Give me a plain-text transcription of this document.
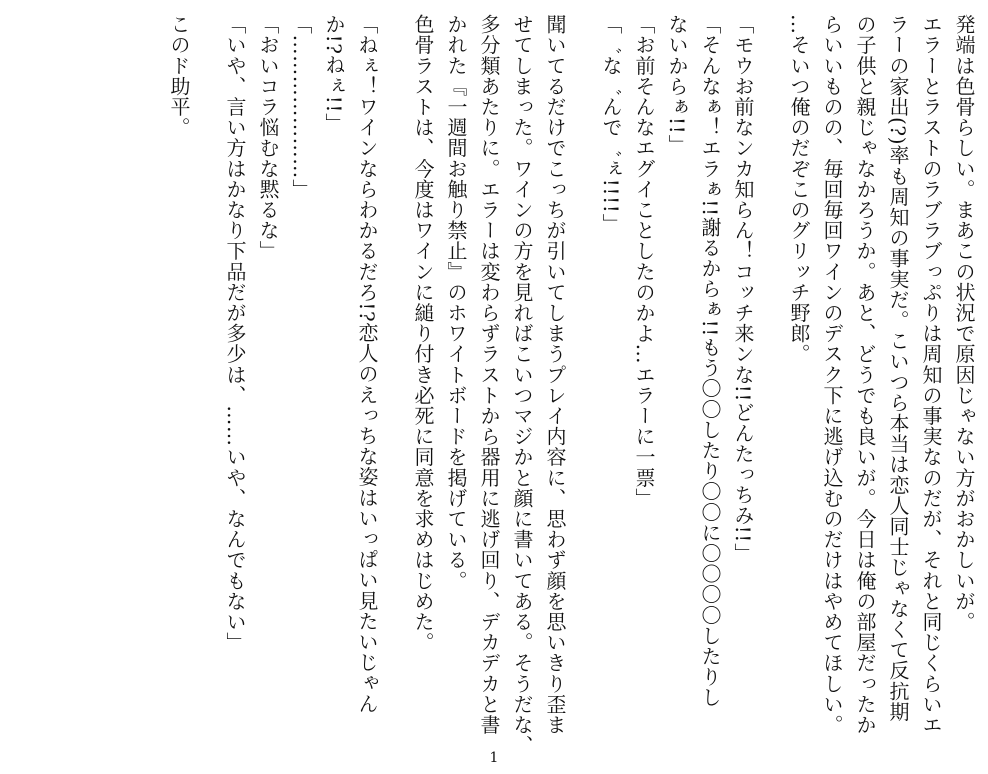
発端は色骨らしい。まあこの状況で原因じゃない方がおかしいが。
エラーとラストのラブラブっぷりは周知の事実なのだが、それと同じくらいエ
ラーの家出(?)率も周知の事実だ。こいつら本当は恋人同士じゃなくて反抗期
の子供と親じゃなかろうか。あと、どうでも良いが。今日は俺の部屋だったか
らいいものの、毎回毎回ワインのデスク下に逃げ込むのだけはやめてほしい。
…そいつ俺のだぞこのグリッチ野郎。
「モウお前なンカ知らん！コッチ来ンな!!どんたっちみ!!」
「そんなぁ！エラぁ!!謝るからぁ!!もう〇〇したり〇〇に〇〇〇〇したりし
ないからぁ!!」
「お前そんなエグイことしたのかよ…エラーに一票」
「゛な゛んで゛ぇ!!!!」
聞いてるだけでこっちが引いてしまうプレイ内容に、思わず顔を思いきり歪ま
せてしまった。ワインの方を見ればこいつマジかと顔に書いてある。そうだな、
多分類あたりに。エラーは変わらずラストから器用に逃げ回り、デカデカと書
かれた『一週間お触り禁止』のホワイトボードを掲げている。
色骨ラストは、今度はワインに縋り付き必死に同意を求めはじめた。
「ねぇ！ワインならわかるだろ!?恋人のえっちな姿はいっぱい見たいじゃん
か!?ねぇ!!」
「…………………」
「おいコラ悩むな黙るな」
「いや、言い方はかなり下品だが多少は、……いや、なんでもない」
このド助平。
1
